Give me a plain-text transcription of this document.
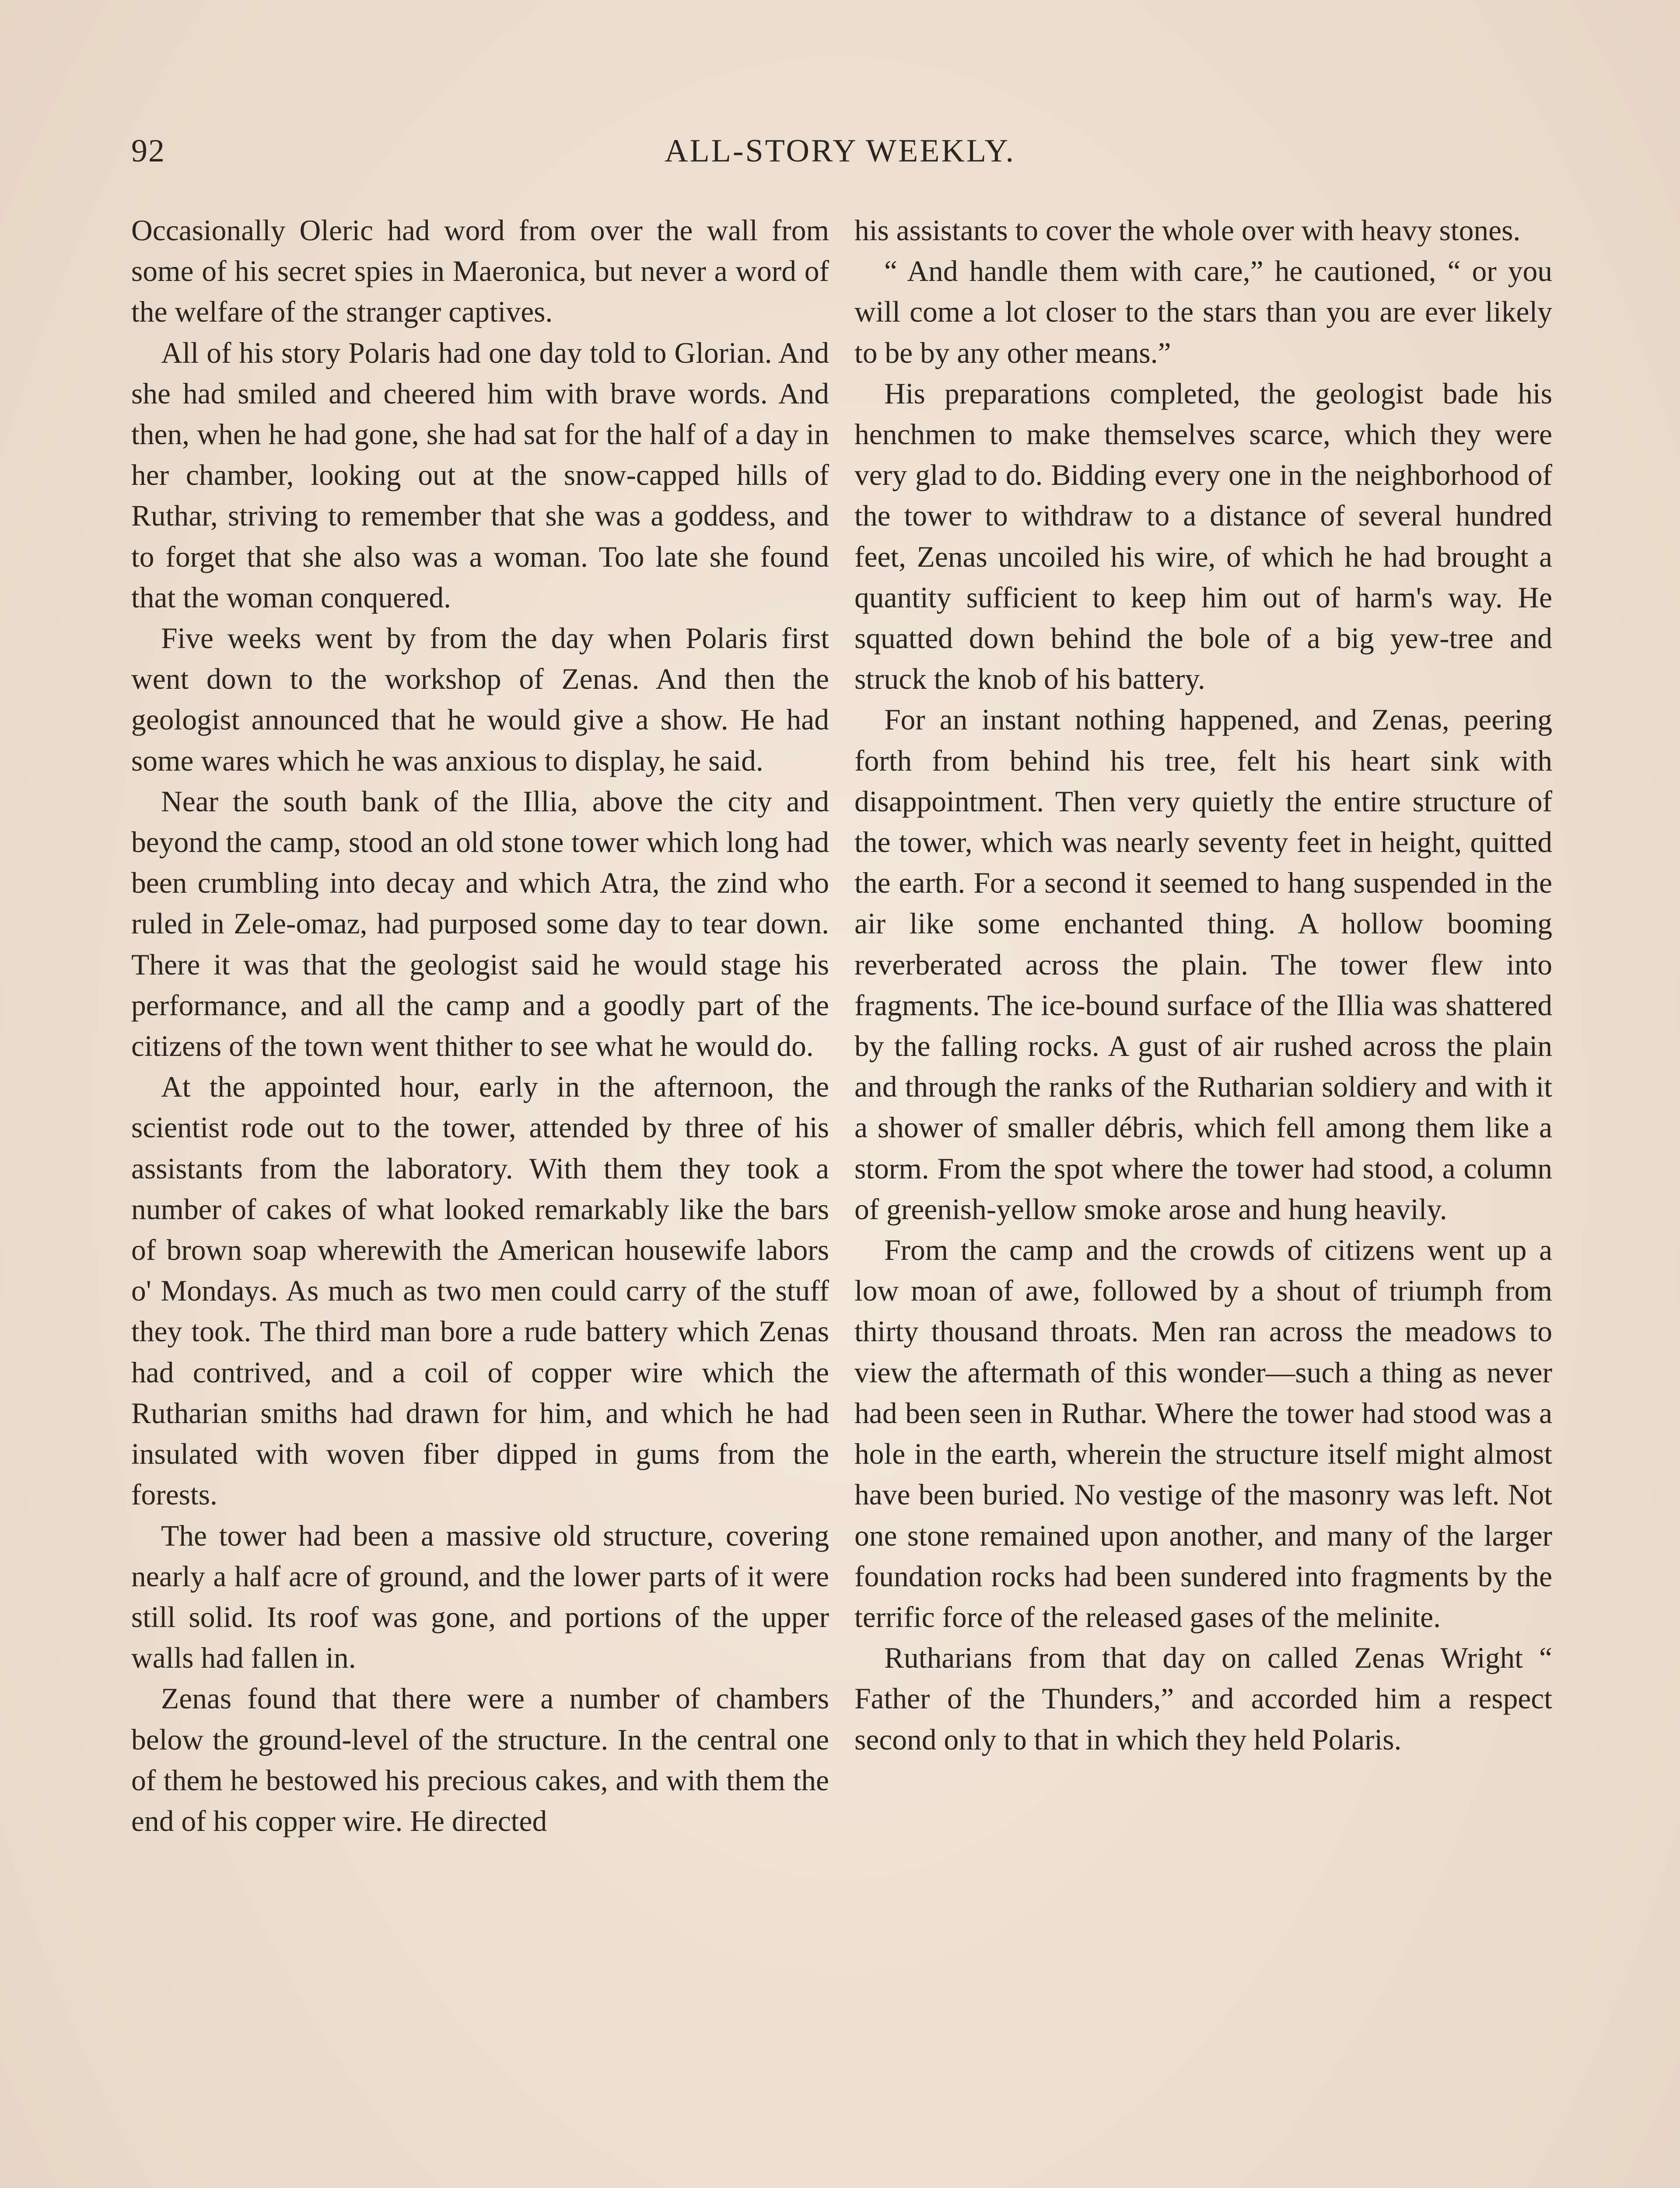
92	ALL-STORY WEEKLY.

Occasionally Oleric had word from over the wall from some of his secret spies in Maeronica, but never a word of the welfare of the stranger captives.

All of his story Polaris had one day told to Glorian. And she had smiled and cheered him with brave words. And then, when he had gone, she had sat for the half of a day in her chamber, looking out at the snow-capped hills of Ruthar, striving to remember that she was a goddess, and to forget that she also was a woman. Too late she found that the woman conquered.

Five weeks went by from the day when Polaris first went down to the workshop of Zenas. And then the geologist announced that he would give a show. He had some wares which he was anxious to display, he said.

Near the south bank of the Illia, above the city and beyond the camp, stood an old stone tower which long had been crumbling into decay and which Atra, the zind who ruled in Zele-omaz, had purposed some day to tear down. There it was that the geologist said he would stage his performance, and all the camp and a goodly part of the citizens of the town went thither to see what he would do.

At the appointed hour, early in the afternoon, the scientist rode out to the tower, attended by three of his assistants from the laboratory. With them they took a number of cakes of what looked remarkably like the bars of brown soap wherewith the American housewife labors o' Mondays. As much as two men could carry of the stuff they took. The third man bore a rude battery which Zenas had contrived, and a coil of copper wire which the Rutharian smiths had drawn for him, and which he had insulated with woven fiber dipped in gums from the forests.

The tower had been a massive old structure, covering nearly a half acre of ground, and the lower parts of it were still solid. Its roof was gone, and portions of the upper walls had fallen in.

Zenas found that there were a number of chambers below the ground-level of the structure. In the central one of them he bestowed his precious cakes, and with them the end of his copper wire. He directed

his assistants to cover the whole over with heavy stones.

“ And handle them with care,” he cautioned, “ or you will come a lot closer to the stars than you are ever likely to be by any other means.”

His preparations completed, the geologist bade his henchmen to make themselves scarce, which they were very glad to do. Bidding every one in the neighborhood of the tower to withdraw to a distance of several hundred feet, Zenas uncoiled his wire, of which he had brought a quantity sufficient to keep him out of harm's way. He squatted down behind the bole of a big yew-tree and struck the knob of his battery.

For an instant nothing happened, and Zenas, peering forth from behind his tree, felt his heart sink with disappointment. Then very quietly the entire structure of the tower, which was nearly seventy feet in height, quitted the earth. For a second it seemed to hang suspended in the air like some enchanted thing. A hollow booming reverberated across the plain. The tower flew into fragments. The ice-bound surface of the Illia was shattered by the falling rocks. A gust of air rushed across the plain and through the ranks of the Rutharian soldiery and with it a shower of smaller débris, which fell among them like a storm. From the spot where the tower had stood, a column of greenish-yellow smoke arose and hung heavily.

From the camp and the crowds of citizens went up a low moan of awe, followed by a shout of triumph from thirty thousand throats. Men ran across the meadows to view the aftermath of this wonder—such a thing as never had been seen in Ruthar. Where the tower had stood was a hole in the earth, wherein the structure itself might almost have been buried. No vestige of the masonry was left. Not one stone remained upon another, and many of the larger foundation rocks had been sundered into fragments by the terrific force of the released gases of the melinite.

Rutharians from that day on called Zenas Wright “ Father of the Thunders,” and accorded him a respect second only to that in which they held Polaris.
